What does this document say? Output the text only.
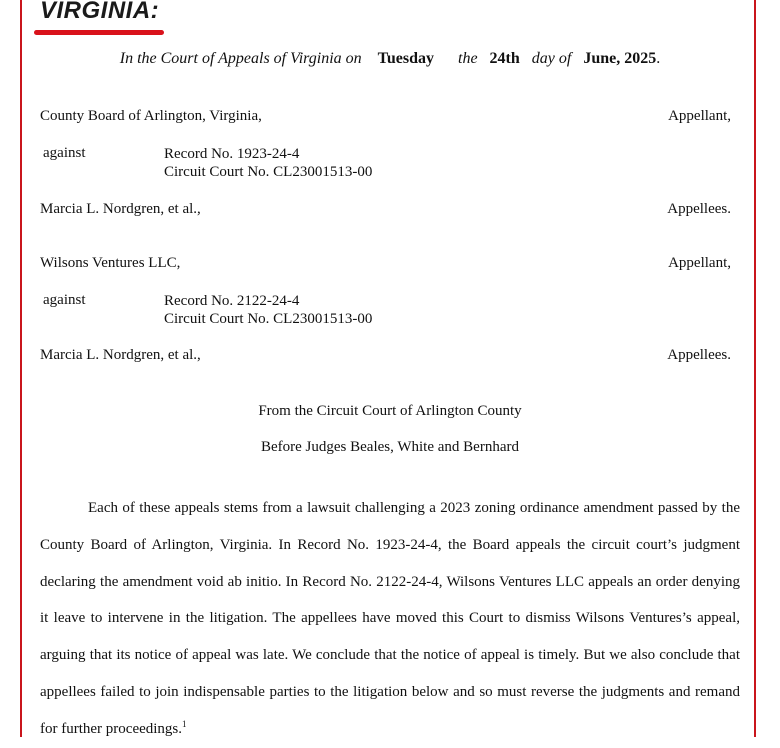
VIRGINIA:
In the Court of Appeals of Virginia on Tuesday the 24th day of June, 2025.
County Board of Arlington, Virginia,	Appellant,
against	Record No. 1923-24-4
Circuit Court No. CL23001513-00
Marcia L. Nordgren, et al.,	Appellees.
Wilsons Ventures LLC,	Appellant,
against	Record No. 2122-24-4
Circuit Court No. CL23001513-00
Marcia L. Nordgren, et al.,	Appellees.
From the Circuit Court of Arlington County
Before Judges Beales, White and Bernhard

Each of these appeals stems from a lawsuit challenging a 2023 zoning ordinance amendment passed by the County Board of Arlington, Virginia. In Record No. 1923-24-4, the Board appeals the circuit court’s judgment declaring the amendment void ab initio. In Record No. 2122-24-4, Wilsons Ventures LLC appeals an order denying it leave to intervene in the litigation. The appellees have moved this Court to dismiss Wilsons Ventures’s appeal, arguing that its notice of appeal was late. We conclude that the notice of appeal is timely. But we also conclude that appellees failed to join indispensable parties to the litigation below and so must reverse the judgments and remand for further proceedings.$^1$
